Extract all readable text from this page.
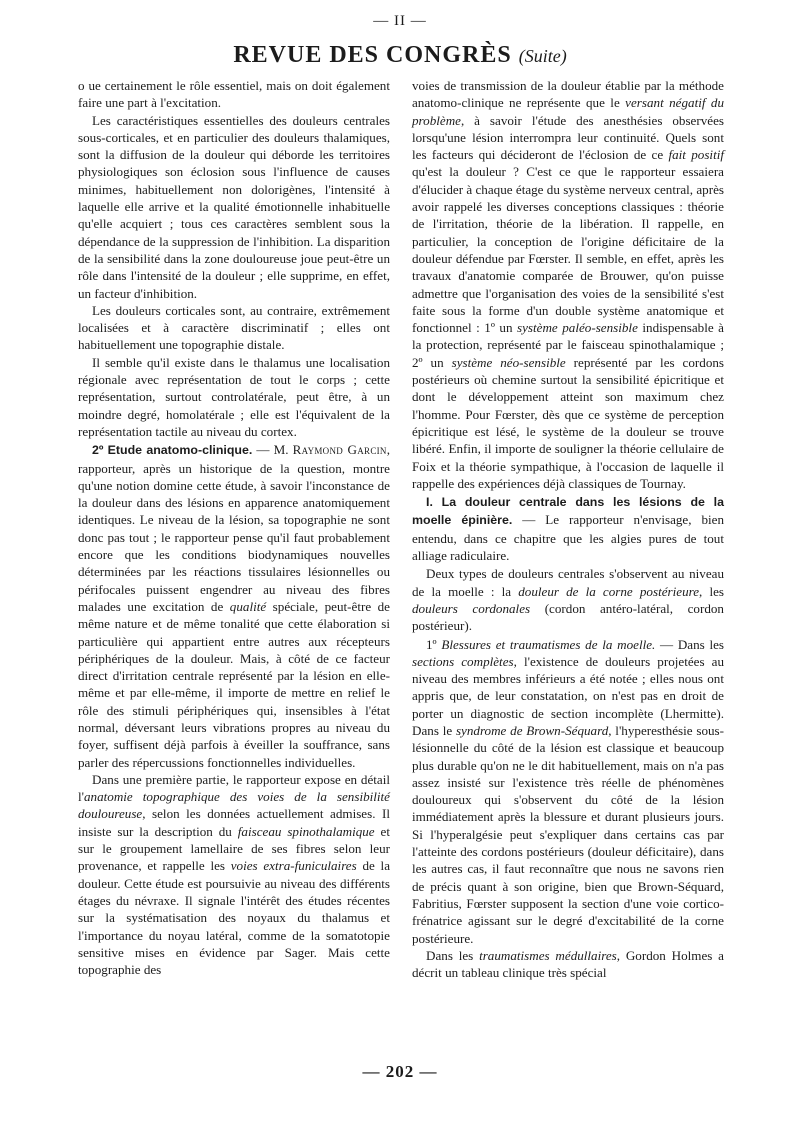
— II —
REVUE DES CONGRÈS (Suite)

o ue certainement le rôle essentiel, mais on doit également faire une part à l'excitation.

Les caractéristiques essentielles des douleurs centrales sous-corticales, et en particulier des douleurs thalamiques, sont la diffusion de la douleur qui déborde les territoires physiologiques son éclosion sous l'influence de causes minimes, habituellement non dolorigènes, l'intensité à laquelle elle arrive et la qualité émotionnelle inhabituelle qu'elle acquiert ; tous ces caractères semblent sous la dépendance de la suppression de l'inhibition. La disparition de la sensibilité dans la zone douloureuse joue peut-être un rôle dans l'intensité de la douleur ; elle supprime, en effet, un facteur d'inhibition.

Les douleurs corticales sont, au contraire, extrêmement localisées et à caractère discriminatif ; elles ont habituellement une topographie distale.

Il semble qu'il existe dans le thalamus une localisation régionale avec représentation de tout le corps ; cette représentation, surtout controlatérale, peut être, à un moindre degré, homolatérale ; elle est l'équivalent de la représentation tactile au niveau du cortex.

2º Etude anatomo-clinique. — M. Raymond Garcin, rapporteur, après un historique de la question, montre qu'une notion domine cette étude, à savoir l'inconstance de la douleur dans des lésions en apparence anatomiquement identiques. Le niveau de la lésion, sa topographie ne sont donc pas tout ; le rapporteur pense qu'il faut probablement encore que les conditions biodynamiques nouvelles déterminées par les réactions tissulaires lésionnelles ou périfocales puissent engendrer au niveau des fibres malades une excitation de qualité spéciale, peut-être de même nature et de même tonalité que cette élaboration si particulière qui appartient entre autres aux récepteurs périphériques de la douleur. Mais, à côté de ce facteur direct d'irritation centrale représenté par la lésion en elle-même et par elle-même, il importe de mettre en relief le rôle des stimuli périphériques qui, insensibles à l'état normal, déversant leurs vibrations propres au niveau du foyer, suffisent déjà parfois à éveiller la souffrance, sans parler des répercussions fonctionnelles individuelles.

Dans une première partie, le rapporteur expose en détail l'anatomie topographique des voies de la sensibilité douloureuse, selon les données actuellement admises. Il insiste sur la description du faisceau spinothalamique et sur le groupement lamellaire de ses fibres selon leur provenance, et rappelle les voies extra-funiculaires de la douleur. Cette étude est poursuivie au niveau des différents étages du névraxe. Il signale l'intérêt des études récentes sur la systématisation des noyaux du thalamus et l'importance du noyau latéral, comme de la somatotopie sensitive mises en évidence par Sager. Mais cette topographie des

voies de transmission de la douleur établie par la méthode anatomo-clinique ne représente que le versant négatif du problème, à savoir l'étude des anesthésies observées lorsqu'une lésion interrompra leur continuité. Quels sont les facteurs qui décideront de l'éclosion de ce fait positif qu'est la douleur ? C'est ce que le rapporteur essaiera d'élucider à chaque étage du système nerveux central, après avoir rappelé les diverses conceptions classiques : théorie de l'irritation, théorie de la libération. Il rappelle, en particulier, la conception de l'origine déficitaire de la douleur défendue par Fœrster. Il semble, en effet, après les travaux d'anatomie comparée de Brouwer, qu'on puisse admettre que l'organisation des voies de la sensibilité s'est faite sous la forme d'un double système anatomique et fonctionnel : 1º un système paléo-sensible indispensable à la protection, représenté par le faisceau spinothalamique ; 2º un système néo-sensible représenté par les cordons postérieurs où chemine surtout la sensibilité épicritique et dont le développement atteint son maximum chez l'homme. Pour Fœrster, dès que ce système de perception épicritique est lésé, le système de la douleur se trouve libéré. Enfin, il importe de souligner la théorie cellulaire de Foix et la théorie sympathique, à l'occasion de laquelle il rappelle des expériences déjà classiques de Tournay.

I. La douleur centrale dans les lésions de la moelle épinière. — Le rapporteur n'envisage, bien entendu, dans ce chapitre que les algies pures de tout alliage radiculaire.

Deux types de douleurs centrales s'observent au niveau de la moelle : la douleur de la corne postérieure, les douleurs cordonales (cordon antéro-latéral, cordon postérieur).

1º Blessures et traumatismes de la moelle. — Dans les sections complètes, l'existence de douleurs projetées au niveau des membres inférieurs a été notée ; elles nous ont appris que, de leur constatation, on n'est pas en droit de porter un diagnostic de section incomplète (Lhermitte). Dans le syndrome de Brown-Séquard, l'hyperesthésie sous-lésionnelle du côté de la lésion est classique et beaucoup plus durable qu'on ne le dit habituellement, mais on n'a pas assez insisté sur l'existence très réelle de phénomènes douloureux qui s'observent du côté de la lésion immédiatement après la blessure et durant plusieurs jours. Si l'hyperalgésie peut s'expliquer dans certains cas par l'atteinte des cordons postérieurs (douleur déficitaire), dans les autres cas, il faut reconnaître que nous ne savons rien de précis quant à son origine, bien que Brown-Séquard, Fabritius, Fœrster supposent la section d'une voie cortico-frénatrice agissant sur le degré d'excitabilité de la corne postérieure.

Dans les traumatismes médullaires, Gordon Holmes a décrit un tableau clinique très spécial

— 202 —
